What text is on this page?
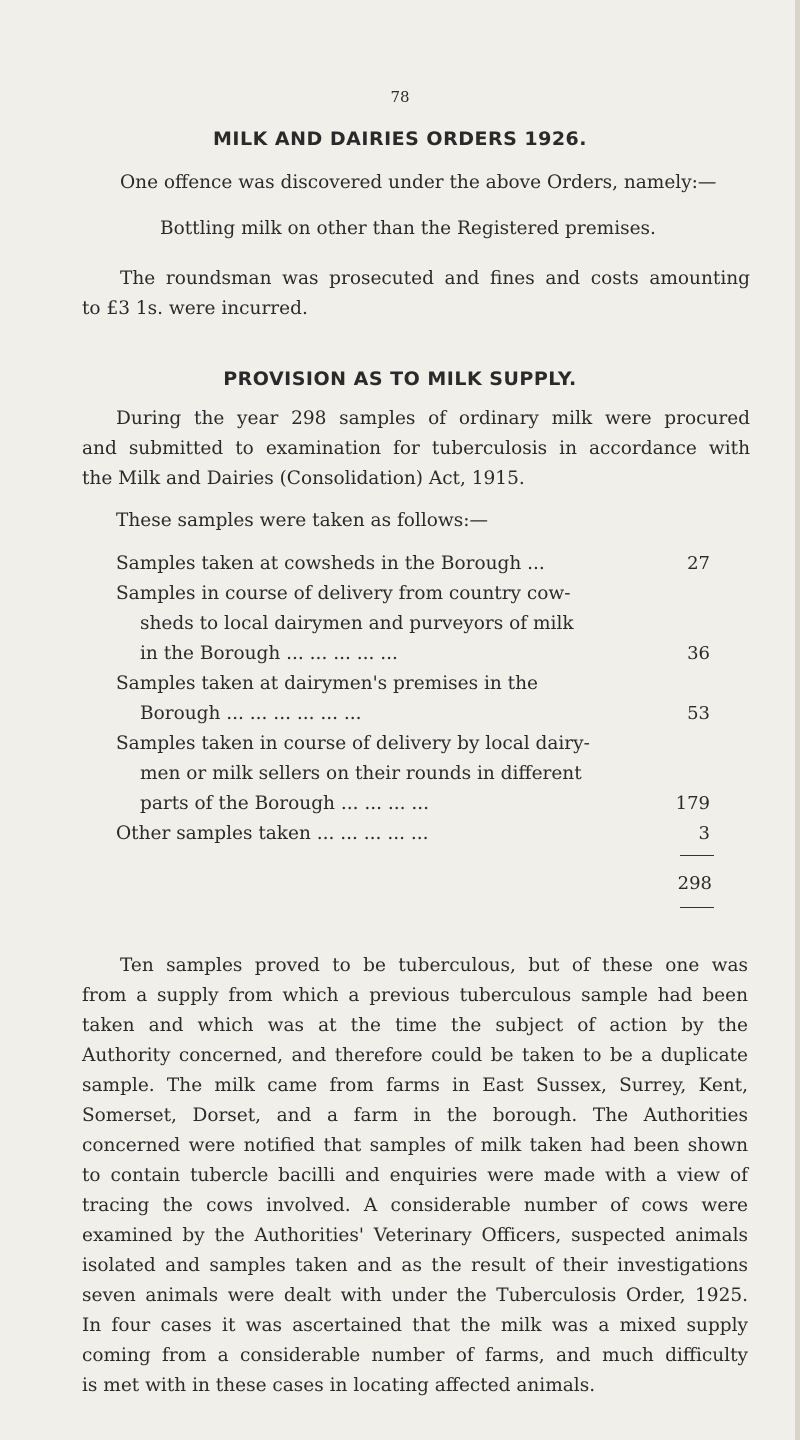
78
MILK AND DAIRIES ORDERS 1926.
One offence was discovered under the above Orders, namely:—
Bottling milk on other than the Registered premises.
The roundsman was prosecuted and fines and costs amounting
to £3 1s. were incurred.
PROVISION AS TO MILK SUPPLY.
During the year 298 samples of ordinary milk were procured
and submitted to examination for tuberculosis in accordance with
the Milk and Dairies (Consolidation) Act, 1915.
These samples were taken as follows:—
Samples taken at cowsheds in the Borough ...	27
Samples in course of delivery from country cow-
sheds to local dairymen and purveyors of milk
in the Borough ... ... ... ... ...	36
Samples taken at dairymen's premises in the
Borough ... ... ... ... ... ...	53
Samples taken in course of delivery by local dairy-
men or milk sellers on their rounds in different
parts of the Borough ... ... ... ...	179
Other samples taken ... ... ... ... ...	3
298
Ten samples proved to be tuberculous, but of these one was
from a supply from which a previous tuberculous sample had been
taken and which was at the time the subject of action by the
Authority concerned, and therefore could be taken to be a duplicate
sample. The milk came from farms in East Sussex, Surrey, Kent,
Somerset, Dorset, and a farm in the borough. The Authorities
concerned were notified that samples of milk taken had been shown
to contain tubercle bacilli and enquiries were made with a view of
tracing the cows involved. A considerable number of cows were
examined by the Authorities' Veterinary Officers, suspected animals
isolated and samples taken and as the result of their investigations
seven animals were dealt with under the Tuberculosis Order, 1925.
In four cases it was ascertained that the milk was a mixed supply
coming from a considerable number of farms, and much difficulty
is met with in these cases in locating affected animals.
